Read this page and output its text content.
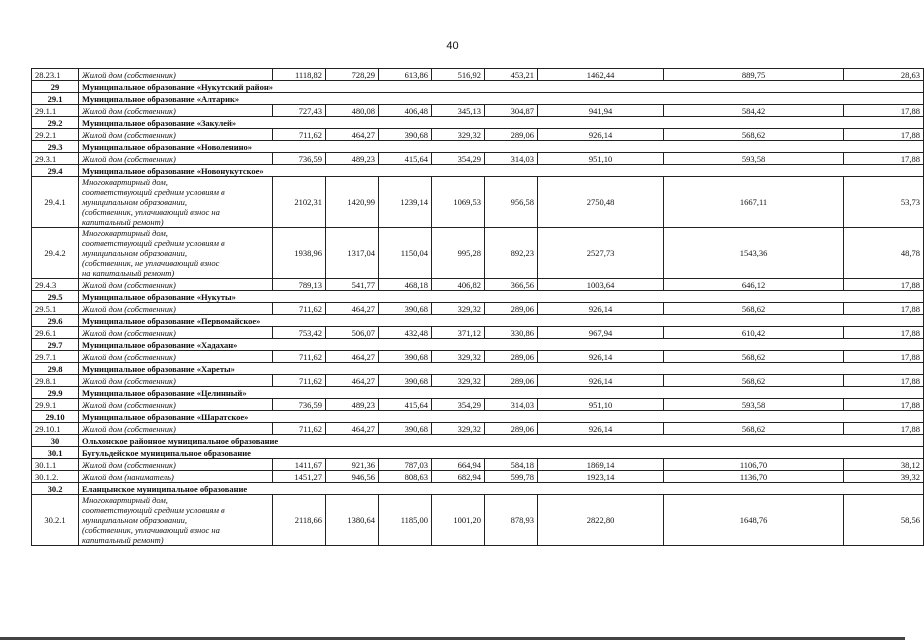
40
28.23.1	Жилой дом (собственник)	1118,82	728,29	613,86	516,92	453,21	1462,44	889,75	28,63
29	Муниципальное образование «Нукутский район»								
29.1	Муниципальное образование «Алтарик»								
29.1.1	Жилой дом (собственник)	727,43	480,08	406,48	345,13	304,87	941,94	584,42	17,88
29.2	Муниципальное образование «Закулей»								
29.2.1	Жилой дом (собственник)	711,62	464,27	390,68	329,32	289,06	926,14	568,62	17,88
29.3	Муниципальное образование «Новоленино»								
29.3.1	Жилой дом (собственник)	736,59	489,23	415,64	354,29	314,03	951,10	593,58	17,88
29.4	Муниципальное образование «Новонукутское»								
29.4.1	Многоквартирный дом,
соответствующий средним условиям в
муниципальном образовании,
(собственник, уплачивающий взнос на
капитальный ремонт)	2102,31	1420,99	1239,14	1069,53	956,58	2750,48	1667,11	53,73
29.4.2	Многоквартирный дом,
соответствующий средним условиям в
муниципальном образовании,
(собственник, не уплачивающий взнос
на капитальный ремонт)	1938,96	1317,04	1150,04	995,28	892,23	2527,73	1543,36	48,78
29.4.3	Жилой дом (собственник)	789,13	541,77	468,18	406,82	366,56	1003,64	646,12	17,88
29.5	Муниципальное образование «Нукуты»								
29.5.1	Жилой дом (собственник)	711,62	464,27	390,68	329,32	289,06	926,14	568,62	17,88
29.6	Муниципальное образование «Первомайское»								
29.6.1	Жилой дом (собственник)	753,42	506,07	432,48	371,12	330,86	967,94	610,42	17,88
29.7	Муниципальное образование «Хадахан»								
29.7.1	Жилой дом (собственник)	711,62	464,27	390,68	329,32	289,06	926,14	568,62	17,88
29.8	Муниципальное образование «Хареты»								
29.8.1	Жилой дом (собственник)	711,62	464,27	390,68	329,32	289,06	926,14	568,62	17,88
29.9	Муниципальное образование «Целинный»								
29.9.1	Жилой дом (собственник)	736,59	489,23	415,64	354,29	314,03	951,10	593,58	17,88
29.10	Муниципальное образование «Шаратское»								
29.10.1	Жилой дом (собственник)	711,62	464,27	390,68	329,32	289,06	926,14	568,62	17,88
30	Ольхонское районное муниципальное образование								
30.1	Бугульдейское муниципальное образование								
30.1.1	Жилой дом (собственник)	1411,67	921,36	787,03	664,94	584,18	1869,14	1106,70	38,12
30.1.2.	Жилой дом (наниматель)	1451,27	946,56	808,63	682,94	599,78	1923,14	1136,70	39,32
30.2	Еланцынское муниципальное образование								
30.2.1	Многоквартирный дом,
соответствующий средним условиям в
муниципальном образовании,
(собственник, уплачивающий взнос на
капитальный ремонт)	2118,66	1380,64	1185,00	1001,20	878,93	2822,80	1648,76	58,56
